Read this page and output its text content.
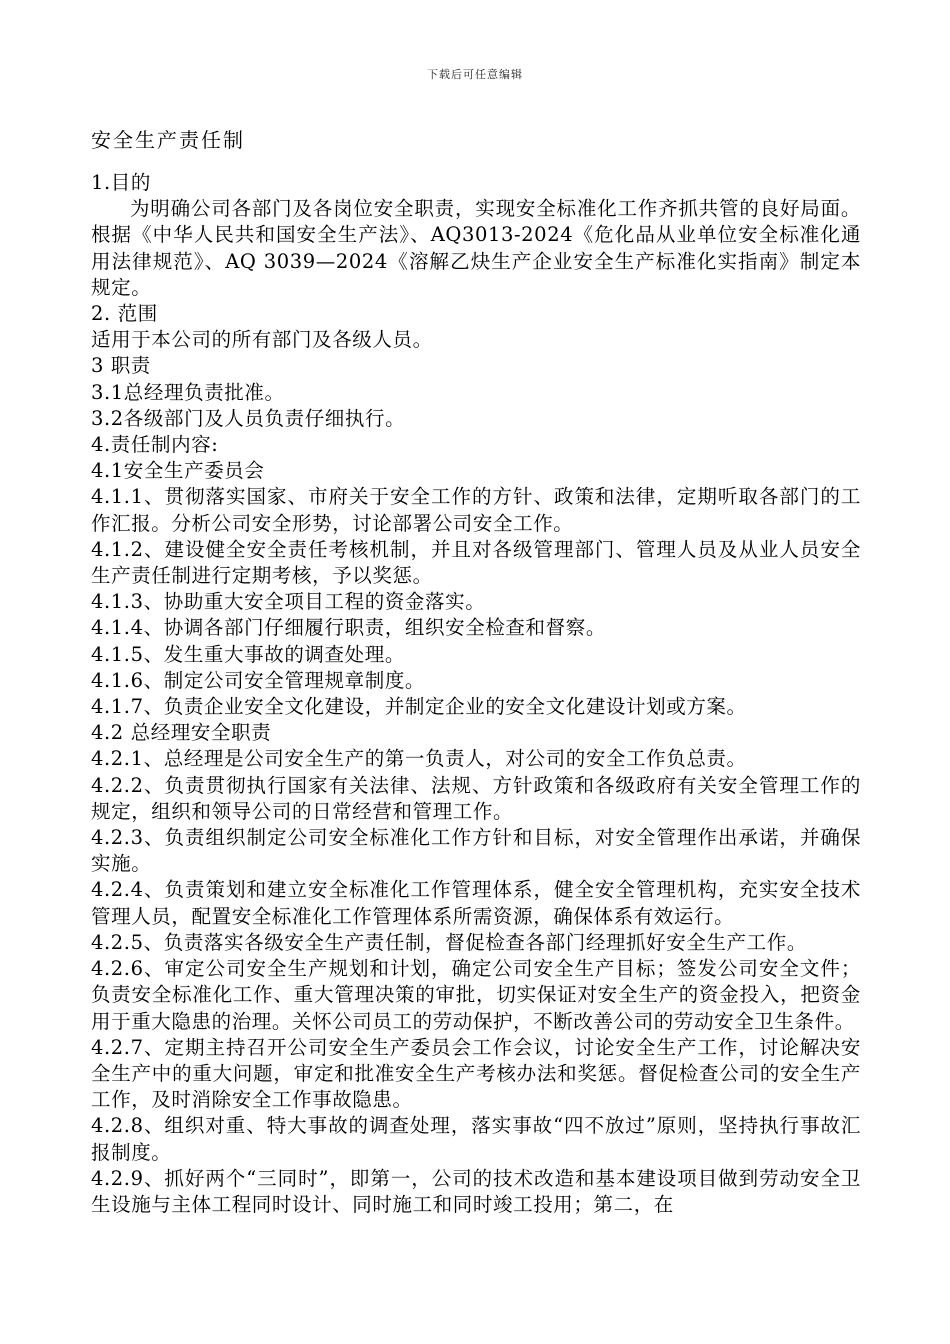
下载后可任意编辑
安全生产责任制

1.目的

为明确公司各部门及各岗位安全职责，实现安全标准化工作齐抓共管的良好局面。根据《中华人民共和国安全生产法》、AQ3013-2024《危化品从业单位安全标准化通用法律规范》、AQ 3039—2024《溶解乙炔生产企业安全生产标准化实指南》制定本规定。

2. 范围

适用于本公司的所有部门及各级人员。

3 职责

3.1总经理负责批准。

3.2各级部门及人员负责仔细执行。

4.责任制内容:

4.1安全生产委员会

4.1.1、贯彻落实国家、市府关于安全工作的方针、政策和法律，定期听取各部门的工作汇报。分析公司安全形势，讨论部署公司安全工作。

4.1.2、建设健全安全责任考核机制，并且对各级管理部门、管理人员及从业人员安全生产责任制进行定期考核，予以奖惩。

4.1.3、协助重大安全项目工程的资金落实。

4.1.4、协调各部门仔细履行职责，组织安全检查和督察。

4.1.5、发生重大事故的调查处理。

4.1.6、制定公司安全管理规章制度。

4.1.7、负责企业安全文化建设，并制定企业的安全文化建设计划或方案。

4.2 总经理安全职责

4.2.1、总经理是公司安全生产的第一负责人，对公司的安全工作负总责。

4.2.2、负责贯彻执行国家有关法律、法规、方针政策和各级政府有关安全管理工作的规定，组织和领导公司的日常经营和管理工作。

4.2.3、负责组织制定公司安全标准化工作方针和目标，对安全管理作出承诺，并确保实施。

4.2.4、负责策划和建立安全标准化工作管理体系，健全安全管理机构，充实安全技术管理人员，配置安全标准化工作管理体系所需资源，确保体系有效运行。

4.2.5、负责落实各级安全生产责任制，督促检查各部门经理抓好安全生产工作。

4.2.6、审定公司安全生产规划和计划，确定公司安全生产目标；签发公司安全文件；负责安全标准化工作、重大管理决策的审批，切实保证对安全生产的资金投入，把资金用于重大隐患的治理。关怀公司员工的劳动保护，不断改善公司的劳动安全卫生条件。

4.2.7、定期主持召开公司安全生产委员会工作会议，讨论安全生产工作，讨论解决安全生产中的重大问题，审定和批准安全生产考核办法和奖惩。督促检查公司的安全生产工作，及时消除安全工作事故隐患。

4.2.8、组织对重、特大事故的调查处理，落实事故“四不放过”原则，坚持执行事故汇报制度。

4.2.9、抓好两个“三同时”，即第一，公司的技术改造和基本建设项目做到劳动安全卫生设施与主体工程同时设计、同时施工和同时竣工投用；第二，在
